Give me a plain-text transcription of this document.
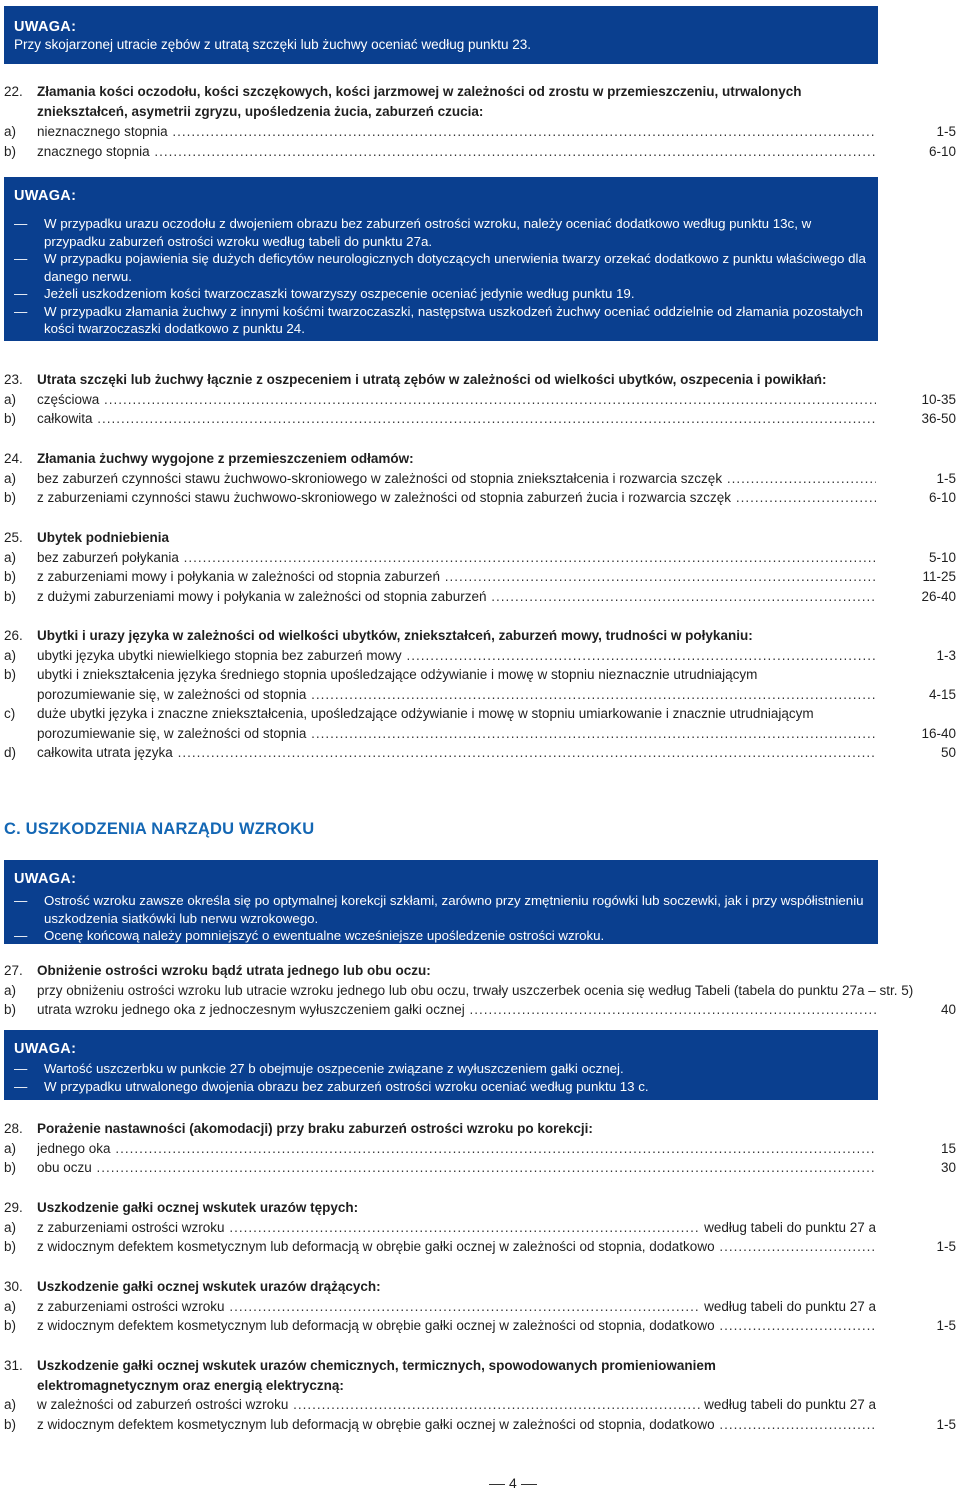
UWAGA:
Przy skojarzonej utracie zębów z utratą szczęki lub żuchwy oceniać według punktu 23.
22. Złamania kości oczodołu, kości szczękowych, kości jarzmowej w zależności od zrostu w przemieszczeniu, utrwalonych zniekształceń, asymetrii zgryzu, upośledzenia żucia, zaburzeń czucia:
a) nieznacznego stopnia .....	1-5
b) znacznego stopnia .....	6-10
UWAGA:
— W przypadku urazu oczodołu z dwojeniem obrazu bez zaburzeń ostrości wzroku, należy oceniać dodatkowo według punktu 13c, w przypadku zaburzeń ostrości wzroku według tabeli do punktu 27a.
— W przypadku pojawienia się dużych deficytów neurologicznych dotyczących unerwienia twarzy orzekać dodatkowo z punktu właściwego dla danego nerwu.
— Jeżeli uszkodzeniom kości twarzoczaszki towarzyszy oszpecenie oceniać jedynie według punktu 19.
— W przypadku złamania żuchwy z innymi kośćmi twarzoczaszki, następstwa uszkodzeń żuchwy oceniać oddzielnie od złamania pozostałych kości twarzoczaszki dodatkowo z punktu 24.
23. Utrata szczęki lub żuchwy łącznie z oszpeceniem i utratą zębów w zależności od wielkości ubytków, oszpecenia i powikłań:
a) częściowa .....	10-35
b) całkowita .....	36-50
24. Złamania żuchwy wygojone z przemieszczeniem odłamów:
a) bez zaburzeń czynności stawu żuchwowo-skroniowego w zależności od stopnia zniekształcenia i rozwarcia szczęk .....	1-5
b) z zaburzeniami czynności stawu żuchwowo-skroniowego w zależności od stopnia zaburzeń żucia i rozwarcia szczęk .....	6-10
25. Ubytek podniebienia
a) bez zaburzeń połykania .....	5-10
b) z zaburzeniami mowy i połykania w zależności od stopnia zaburzeń .....	11-25
b) z dużymi zaburzeniami mowy i połykania w zależności od stopnia zaburzeń .....	26-40
26. Ubytki i urazy języka w zależności od wielkości ubytków, zniekształceń, zaburzeń mowy, trudności w połykaniu:
a) ubytki języka ubytki niewielkiego stopnia bez zaburzeń mowy .....	1-3
b) ubytki i zniekształcenia języka średniego stopnia upośledzające odżywianie i mowę w stopniu nieznacznie utrudniającym
porozumiewanie się, w zależności od stopnia .....	4-15
c) duże ubytki języka i znaczne zniekształcenia, upośledzające odżywianie i mowę w stopniu umiarkowanie i znacznie utrudniającym
porozumiewanie się, w zależności od stopnia .....	16-40
d) całkowita utrata języka .....	50
C. USZKODZENIA NARZĄDU WZROKU
UWAGA:
— Ostrość wzroku zawsze określa się po optymalnej korekcji szkłami, zarówno przy zmętnieniu rogówki lub soczewki, jak i przy współistnieniu uszkodzenia siatkówki lub nerwu wzrokowego.
— Ocenę końcową należy pomniejszyć o ewentualne wcześniejsze upośledzenie ostrości wzroku.
27. Obniżenie ostrości wzroku bądź utrata jednego lub obu oczu:
a) przy obniżeniu ostrości wzroku lub utracie wzroku jednego lub obu oczu, trwały uszczerbek ocenia się według Tabeli (tabela do punktu 27a – str. 5)
b) utrata wzroku jednego oka z jednoczesnym wyłuszczeniem gałki ocznej .....	40
UWAGA:
— Wartość uszczerbku w punkcie 27 b obejmuje oszpecenie związane z wyłuszczeniem gałki ocznej.
— W przypadku utrwalonego dwojenia obrazu bez zaburzeń ostrości wzroku oceniać według punktu 13 c.
28. Porażenie nastawności (akomodacji) przy braku zaburzeń ostrości wzroku po korekcji:
a) jednego oka .....	15
b) obu oczu .....	30
29. Uszkodzenie gałki ocznej wskutek urazów tępych:
a) z zaburzeniami ostrości wzroku .....	według tabeli do punktu 27 a
b) z widocznym defektem kosmetycznym lub deformacją w obrębie gałki ocznej w zależności od stopnia, dodatkowo .....	1-5
30. Uszkodzenie gałki ocznej wskutek urazów drążących:
a) z zaburzeniami ostrości wzroku .....	według tabeli do punktu 27 a
b) z widocznym defektem kosmetycznym lub deformacją w obrębie gałki ocznej w zależności od stopnia, dodatkowo .....	1-5
31. Uszkodzenie gałki ocznej wskutek urazów chemicznych, termicznych, spowodowanych promieniowaniem elektromagnetycznym oraz energią elektryczną:
a) w zależności od zaburzeń ostrości wzroku .....	według tabeli do punktu 27 a
b) z widocznym defektem kosmetycznym lub deformacją w obrębie gałki ocznej w zależności od stopnia, dodatkowo .....	1-5
4
